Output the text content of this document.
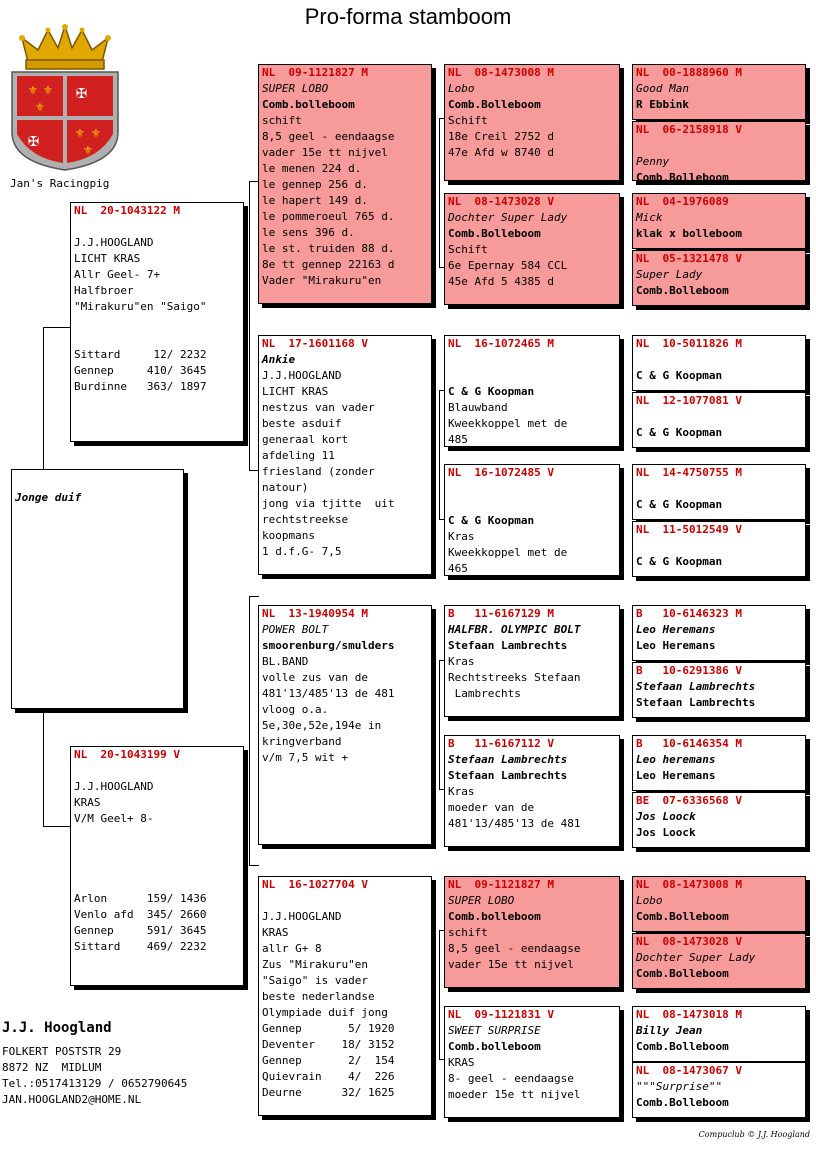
Pro-forma stamboom
⚜ ⚜
⚜
✠
✠	⚜ ⚜
⚜
Jan's Racingpig
Jonge duif
NL  20-1043122 M
J.J.HOOGLAND
LICHT KRAS
Allr Geel- 7+
Halfbroer
"Mirakuru"en "Saigo"
Sittard     12/ 2232
Gennep     410/ 3645
Burdinne   363/ 1897
NL  20-1043199 V
J.J.HOOGLAND
KRAS
V/M Geel+ 8-
Arlon      159/ 1436
Venlo afd  345/ 2660
Gennep     591/ 3645
Sittard    469/ 2232
NL  09-1121827 M
SUPER LOBO
Comb.bolleboom
schift
8,5 geel - eendaagse
vader 15e tt nijvel
le menen 224 d.
le gennep 256 d.
le hapert 149 d.
le pommeroeul 765 d.
le sens 396 d.
le st. truiden 88 d.
8e tt gennep 22163 d
Vader "Mirakuru"en
NL  17-1601168 V
Ankie
J.J.HOOGLAND
LICHT KRAS
nestzus van vader
beste asduif
generaal kort
afdeling 11
friesland (zonder
natour)
jong via tjitte  uit
rechtstreekse
koopmans
1 d.f.G- 7,5
NL  13-1940954 M
POWER BOLT
smoorenburg/smulders
BL.BAND
volle zus van de
481'13/485'13 de 481
vloog o.a.
5e,30e,52e,194e in
kringverband
v/m 7,5 wit +
NL  16-1027704 V
J.J.HOOGLAND
KRAS
allr G+ 8
Zus "Mirakuru"en
"Saigo" is vader
beste nederlandse
Olympiade duif jong
Gennep       5/ 1920
Deventer    18/ 3152
Gennep       2/  154
Quievrain    4/  226
Deurne      32/ 1625
NL  08-1473008 M
Lobo
Comb.Bolleboom
Schift
18e Creil 2752 d
47e Afd w 8740 d
NL  08-1473028 V
Dochter Super Lady
Comb.Bolleboom
Schift
6e Epernay 584 CCL
45e Afd 5 4385 d
NL  16-1072465 M
C & G Koopman
Blauwband
Kweekkoppel met de
485
NL  16-1072485 V
C & G Koopman
Kras
Kweekkoppel met de
465
B   11-6167129 M
HALFBR. OLYMPIC BOLT
Stefaan Lambrechts
Kras
Rechtstreeks Stefaan
Lambrechts
B   11-6167112 V
Stefaan Lambrechts
Stefaan Lambrechts
Kras
moeder van de
481'13/485'13 de 481
NL  09-1121827 M
SUPER LOBO
Comb.bolleboom
schift
8,5 geel - eendaagse
vader 15e tt nijvel
NL  09-1121831 V
SWEET SURPRISE
Comb.bolleboom
KRAS
8- geel - eendaagse
moeder 15e tt nijvel
NL  00-1888960 M
Good Man
R Ebbink
NL  06-2158918 V
Penny
Comb.Bolleboom
NL  04-1976089
Mick
klak x bolleboom
NL  05-1321478 V
Super Lady
Comb.Bolleboom
NL  10-5011826 M
C & G Koopman
NL  12-1077081 V
C & G Koopman
NL  14-4750755 M
C & G Koopman
NL  11-5012549 V
C & G Koopman
B   10-6146323 M
Leo Heremans
Leo Heremans
B   10-6291386 V
Stefaan Lambrechts
Stefaan Lambrechts
B   10-6146354 M
Leo heremans
Leo Heremans
BE  07-6336568 V
Jos Loock
Jos Loock
NL  08-1473008 M
Lobo
Comb.Bolleboom
NL  08-1473028 V
Dochter Super Lady
Comb.Bolleboom
NL  08-1473018 M
Billy Jean
Comb.Bolleboom
NL  08-1473067 V
"""Surprise""
Comb.Bolleboom
J.J. Hoogland
FOLKERT POSTSTR 29
8872 NZ  MIDLUM
Tel.:0517413129 / 0652790645
JAN.HOOGLAND2@HOME.NL
Compuclub © J.J. Hoogland
